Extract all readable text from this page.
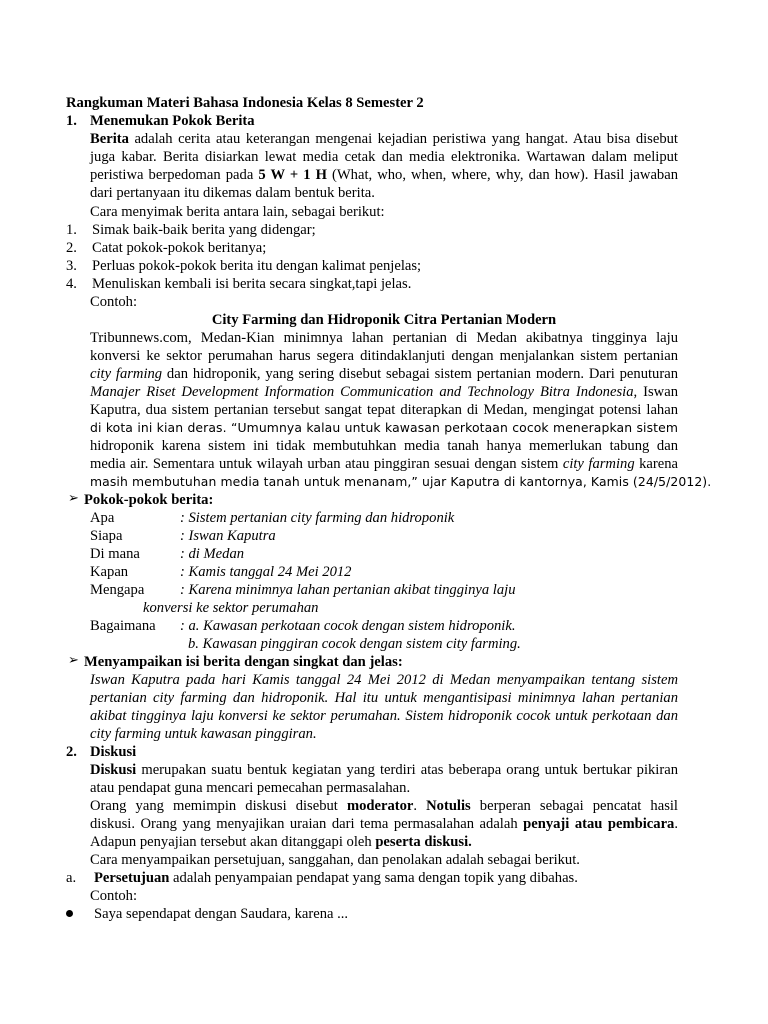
Rangkuman Materi Bahasa Indonesia Kelas 8 Semester 2
1. Menemukan Pokok Berita
Berita adalah cerita atau keterangan mengenai kejadian peristiwa yang hangat. Atau bisa disebut
juga kabar. Berita disiarkan lewat media cetak dan media elektronika. Wartawan dalam meliput
peristiwa berpedoman pada 5 W + 1 H (What, who, when, where, why, dan how). Hasil jawaban
dari pertanyaan itu dikemas dalam bentuk berita.
Cara menyimak berita antara lain, sebagai berikut:
1. Simak baik-baik berita yang didengar;
2. Catat pokok-pokok beritanya;
3. Perluas pokok-pokok berita itu dengan kalimat penjelas;
4. Menuliskan kembali isi berita secara singkat,tapi jelas.
Contoh:
City Farming dan Hidroponik Citra Pertanian Modern
Tribunnews.com, Medan-Kian minimnya lahan pertanian di Medan akibatnya tingginya laju
konversi ke sektor perumahan harus segera ditindaklanjuti dengan menjalankan sistem pertanian
city farming dan hidroponik, yang sering disebut sebagai sistem pertanian modern. Dari penuturan
Manajer Riset Development Information Communication and Technology Bitra Indonesia, Iswan
Kaputra, dua sistem pertanian tersebut sangat tepat diterapkan di Medan, mengingat potensi lahan
di kota ini kian deras. “Umumnya kalau untuk kawasan perkotaan cocok menerapkan sistem
hidroponik karena sistem ini tidak membutuhkan media tanah hanya memerlukan tabung dan
media air. Sementara untuk wilayah urban atau pinggiran sesuai dengan sistem city farming karena
masih membutuhan media tanah untuk menanam,” ujar Kaputra di kantornya, Kamis (24/5/2012).
➢ Pokok-pokok berita:
Apa	: Sistem pertanian city farming dan hidroponik
Siapa	: Iswan Kaputra
Di mana	: di Medan
Kapan	: Kamis tanggal 24 Mei 2012
Mengapa : Karena minimnya lahan pertanian akibat tingginya laju
konversi ke sektor perumahan
Bagaimana : a. Kawasan perkotaan cocok dengan sistem hidroponik.
b. Kawasan pinggiran cocok dengan sistem city farming.
➢ Menyampaikan isi berita dengan singkat dan jelas:
Iswan Kaputra pada hari Kamis tanggal 24 Mei 2012 di Medan menyampaikan tentang sistem
pertanian city farming dan hidroponik. Hal itu untuk mengantisipasi minimnya lahan pertanian
akibat tingginya laju konversi ke sektor perumahan. Sistem hidroponik cocok untuk perkotaan dan
city farming untuk kawasan pinggiran.
2. Diskusi
Diskusi merupakan suatu bentuk kegiatan yang terdiri atas beberapa orang untuk bertukar pikiran
atau pendapat guna mencari pemecahan permasalahan.
Orang yang memimpin diskusi disebut moderator. Notulis berperan sebagai pencatat hasil
diskusi. Orang yang menyajikan uraian dari tema permasalahan adalah penyaji atau pembicara.
Adapun penyajian tersebut akan ditanggapi oleh peserta diskusi.
Cara menyampaikan persetujuan, sanggahan, dan penolakan adalah sebagai berikut.
a. Persetujuan adalah penyampaian pendapat yang sama dengan topik yang dibahas.
Contoh:
Saya sependapat dengan Saudara, karena ...
